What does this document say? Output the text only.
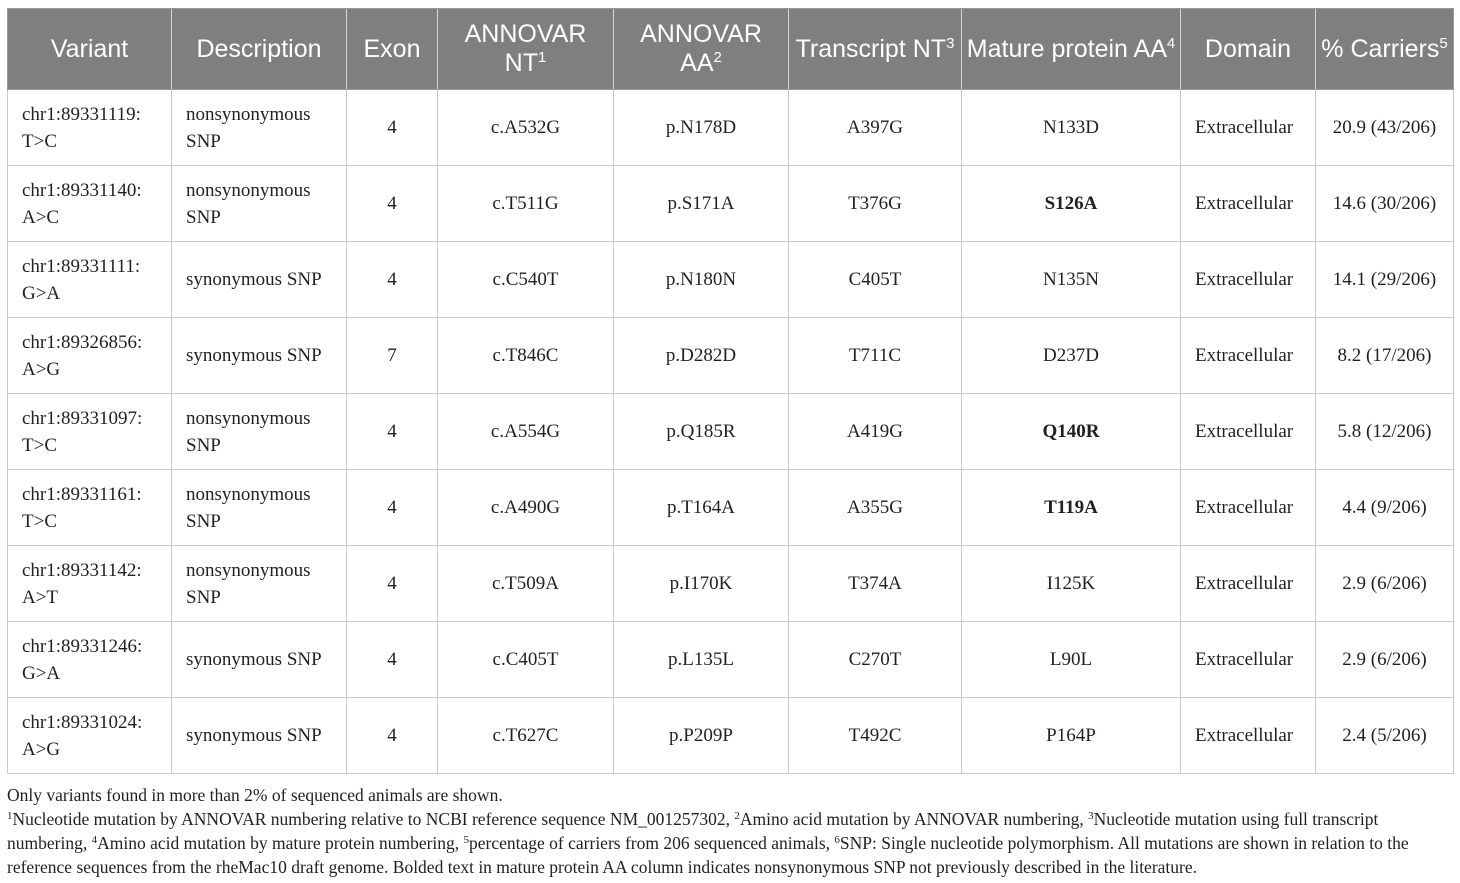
Variant	Description	Exon	ANNOVAR $NT^1$	ANNOVAR $AA^2$	Transcript $NT^3$	Mature protein $AA^4$	Domain	% Carriers$^5$
chr1:89331119: T>C	nonsynonymous SNP	4	c.A532G	p.N178D	A397G	N133D	Extracellular	20.9 (43/206)
chr1:89331140: A>C	nonsynonymous SNP	4	c.T511G	p.S171A	T376G	S126A	Extracellular	14.6 (30/206)
chr1:89331111: G>A	synonymous SNP	4	c.C540T	p.N180N	C405T	N135N	Extracellular	14.1 (29/206)
chr1:89326856: A>G	synonymous SNP	7	c.T846C	p.D282D	T711C	D237D	Extracellular	8.2 (17/206)
chr1:89331097: T>C	nonsynonymous SNP	4	c.A554G	p.Q185R	A419G	Q140R	Extracellular	5.8 (12/206)
chr1:89331161: T>C	nonsynonymous SNP	4	c.A490G	p.T164A	A355G	T119A	Extracellular	4.4 (9/206)
chr1:89331142: A>T	nonsynonymous SNP	4	c.T509A	p.I170K	T374A	I125K	Extracellular	2.9 (6/206)
chr1:89331246: G>A	synonymous SNP	4	c.C405T	p.L135L	C270T	L90L	Extracellular	2.9 (6/206)
chr1:89331024: A>G	synonymous SNP	4	c.T627C	p.P209P	T492C	P164P	Extracellular	2.4 (5/206)

Only variants found in more than 2% of sequenced animals are shown.

$^1$Nucleotide mutation by ANNOVAR numbering relative to NCBI reference sequence NM_001257302, $^2$Amino acid mutation by ANNOVAR numbering, $^3$Nucleotide mutation using full transcript numbering, $^4$Amino acid mutation by mature protein numbering, $^5$percentage of carriers from 206 sequenced animals, $^6$SNP: Single nucleotide polymorphism. All mutations are shown in relation to the reference sequences from the rheMac10 draft genome. Bolded text in mature protein AA column indicates nonsynonymous SNP not previously described in the literature.
